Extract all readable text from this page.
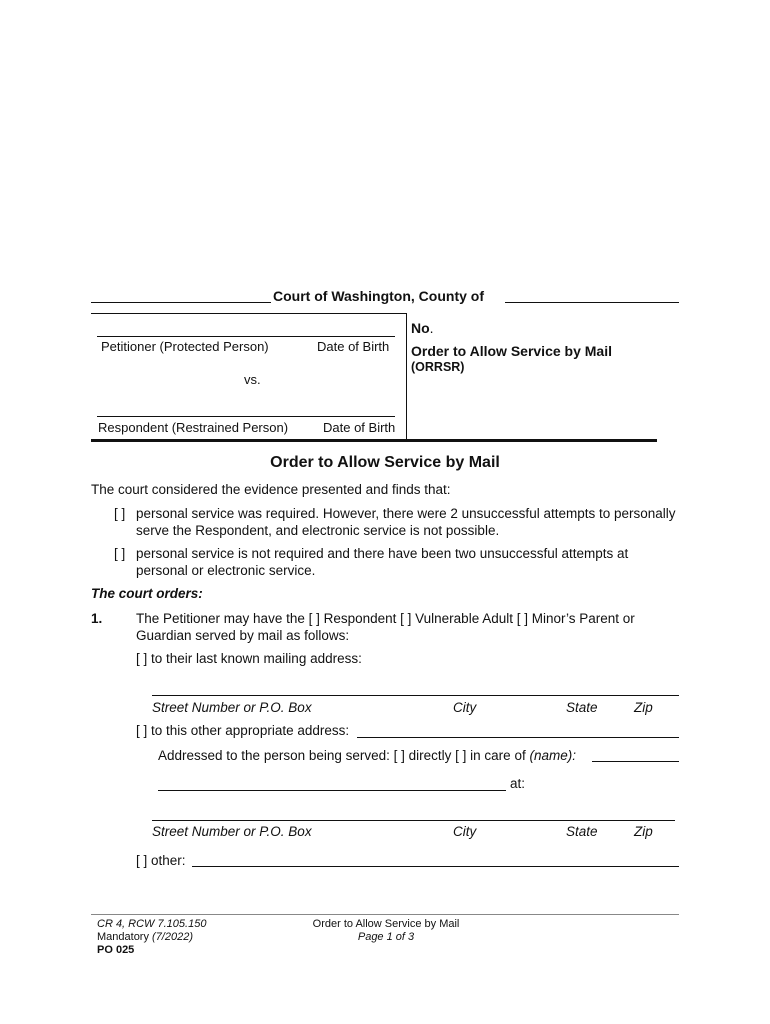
Court of Washington, County of
Petitioner (Protected Person)	Date of Birth
vs.
Respondent (Restrained Person)	Date of Birth
No.
Order to Allow Service by Mail
(ORRSR)
Order to Allow Service by Mail
The court considered the evidence presented and finds that:
[ ] personal service was required. However, there were 2 unsuccessful attempts to personally
serve the Respondent, and electronic service is not possible.
[ ] personal service is not required and there have been two unsuccessful attempts at
personal or electronic service.
The court orders:
1. The Petitioner may have the [ ] Respondent [ ] Vulnerable Adult [ ] Minor’s Parent or
Guardian served by mail as follows:
[ ] to their last known mailing address:
Street Number or P.O. Box	City	State	Zip
[ ] to this other appropriate address:
Addressed to the person being served: [ ] directly [ ] in care of (name):
at:
Street Number or P.O. Box	City	State	Zip
[ ] other:
CR 4, RCW 7.105.150
Mandatory (7/2022)
PO 025
Order to Allow Service by Mail
Page 1 of 3
